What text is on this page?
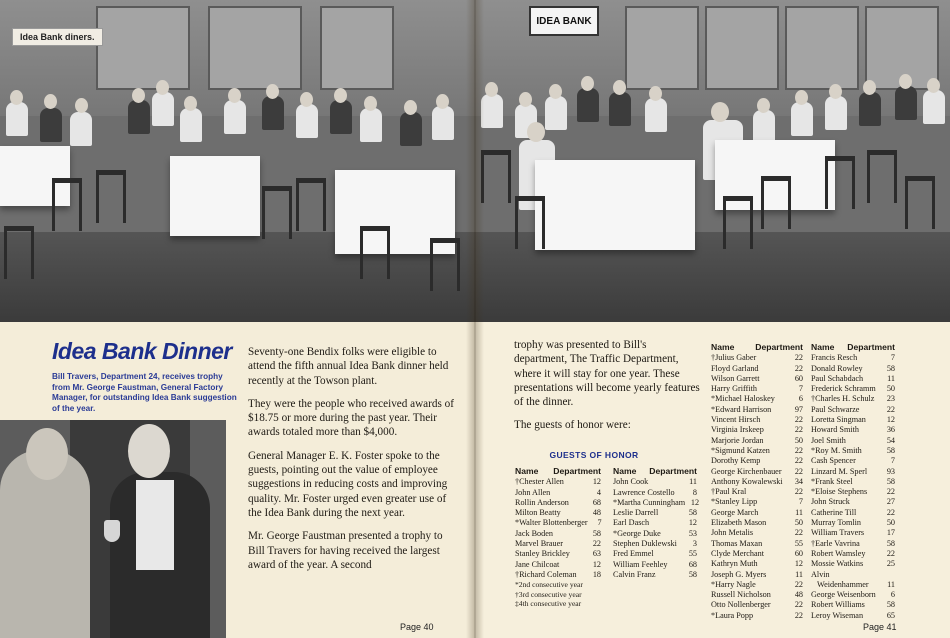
Idea Bank diners.
Idea Bank Dinner
Bill Travers, Department 24, receives trophy from Mr. George Faustman, General Factory Manager, for outstanding Idea Bank suggestion of the year.

Seventy-one Bendix folks were eligible to attend the fifth annual Idea Bank dinner held recently at the Towson plant.

They were the people who received awards of $18.75 or more during the past year. Their awards totaled more than $4,000.

General Manager E. K. Foster spoke to the guests, pointing out the value of employee suggestions in reducing costs and improving quality. Mr. Foster urged even greater use of the Idea Bank during the next year.

Mr. George Faustman presented a trophy to Bill Travers for having received the largest award of the year. A second

Page 40
IDEA BANK

trophy was presented to Bill's department, The Traffic Department, where it will stay for one year. These presentations will become yearly features of the dinner.

The guests of honor were:

GUESTS OF HONOR
Name Department
†Chester Allen	12
John Allen	4
Rollin Anderson	68
Milton Beatty	48
*Walter Blottenberger	7
Jack Boden	58
Marvel Brauer	22
Stanley Brickley	63
Jane Chilcoat	12
†Richard Coleman	18
Name Department
John Cook	11
Lawrence Costello	8
*Martha Cunningham 12
Leslie Darrell	58
Earl Dasch	12
*George Duke	53
Stephen Duklewski	3
Fred Emmel	55
William Feehley	68
Calvin Franz	58
Name Department
†Julius Gaber	22
Floyd Garland	22
Wilson Garrett	60
Harry Griffith	7
*Michael Haloskey	6
*Edward Harrison	97
Vincent Hirsch	22
Virginia Irskeep	22
Marjorie Jordan	50
*Sigmund Katzen	22
Dorothy Kemp	22
George Kirchenbauer	22
Anthony Kowalewski	34
†Paul Kral	22
*Stanley Lipp	7
George March	11
Elizabeth Mason	50
John Metalis	22
Thomas Maxan	55
Clyde Merchant	60
Kathryn Muth	12
Joseph G. Myers	11
*Harry Nagle	22
Russell Nicholson	48
Otto Nollenberger	22
*Laura Popp	22
Name Department
Francis Resch	7
Donald Rowley	58
Paul Schabdach	11
Frederick Schramm	50
†Charles H. Schulz	23
Paul Schwarze	22
Loretta Singman	12
Howard Smith	36
Joel Smith	54
*Roy M. Smith	58
Cash Spencer	7
Linzard M. Sperl	93
*Frank Steel	58
*Eloise Stephens	22
John Struck	27
Catherine Till	22
Murray Tomlin	50
William Travers	17
†Earle Vavrina	58
Robert Wamsley	22
Mossie Watkins	25
Alvin
Weidenhammer	11
George Weisenborn	6
Robert Williams	58
Leroy Wiseman	65
*2nd consecutive year
†3rd consecutive year
‡4th consecutive year
Page 41
